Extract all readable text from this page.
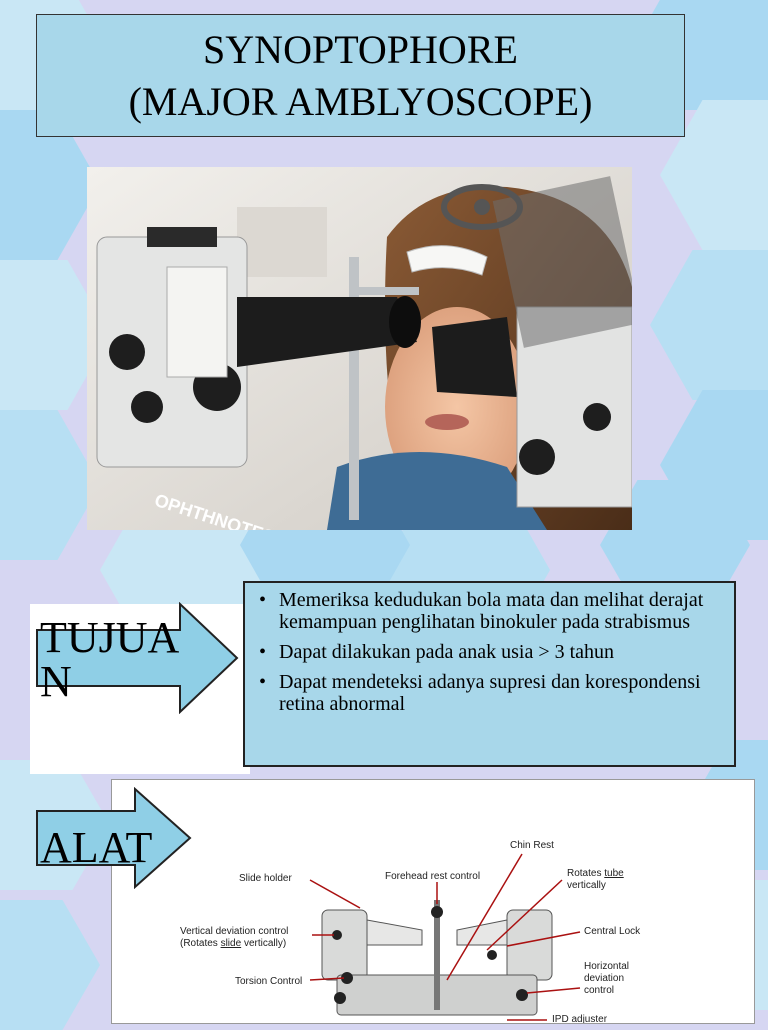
SYNOPTOPHORE
(MAJOR AMBLYOSCOPE)
TUJUAN
• Memeriksa kedudukan bola mata dan melihat derajat kemampuan penglihatan binokuler pada strabismus
• Dapat dilakukan pada anak usia > 3 tahun
• Dapat mendeteksi adanya supresi dan korespondensi retina abnormal
Chin Rest
Slide holder	Forehead rest control	Rotates tube
vertically
Vertical deviation control
(Rotates slide vertically)
Central Lock
Torsion Control
Horizontal
deviation
control
IPD adjuster
ALAT
